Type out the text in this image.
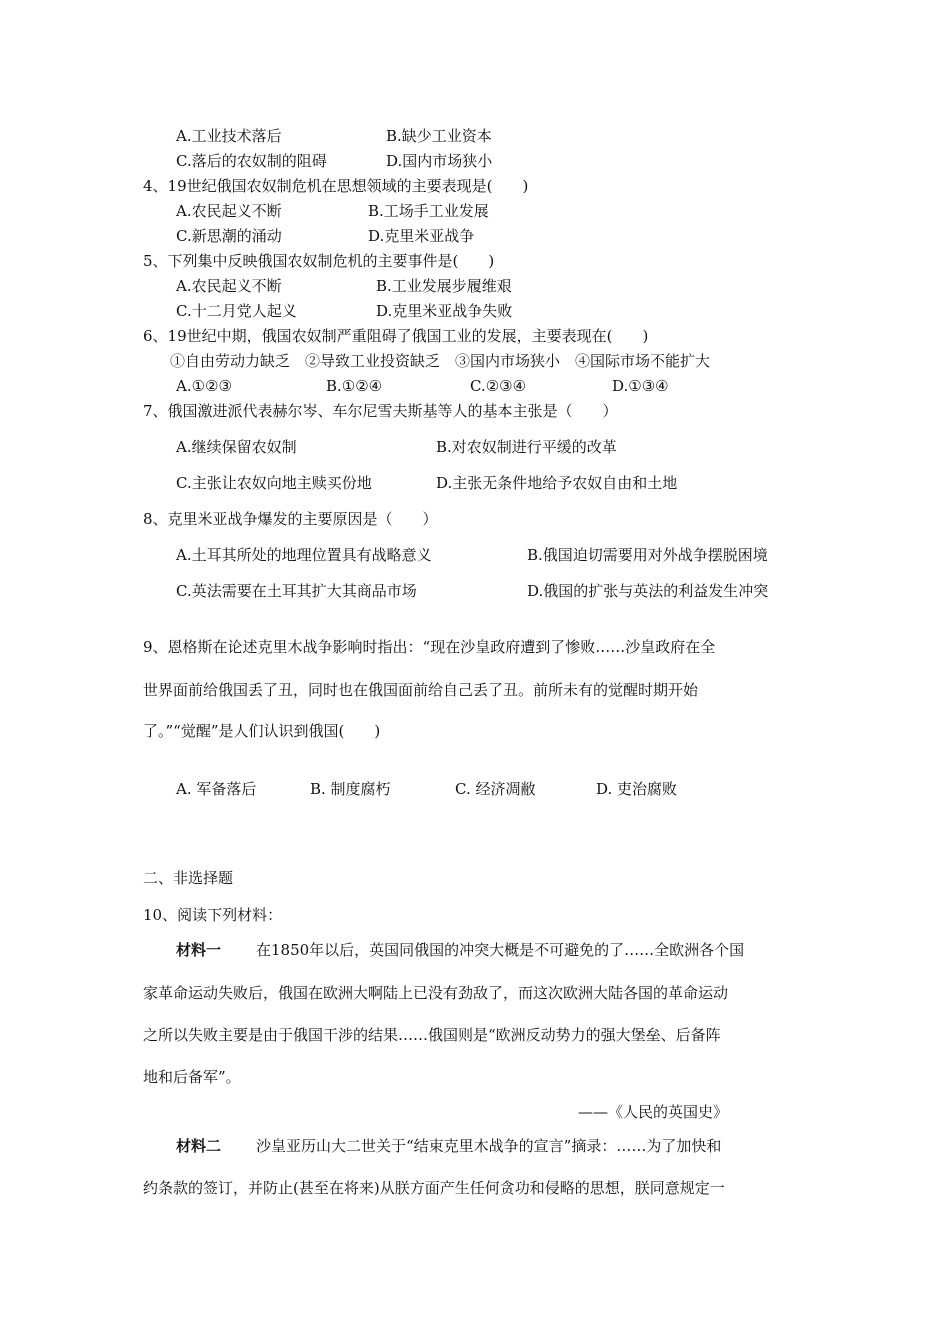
A.工业技术落后	B.缺少工业资本
C.落后的农奴制的阻碍	D.国内市场狭小
4、19世纪俄国农奴制危机在思想领域的主要表现是(　　)
A.农民起义不断	B.工场手工业发展
C.新思潮的涌动	D.克里米亚战争
5、下列集中反映俄国农奴制危机的主要事件是(　　)
A.农民起义不断	B.工业发展步履维艰
C.十二月党人起义	D.克里米亚战争失败
6、19世纪中期，俄国农奴制严重阻碍了俄国工业的发展，主要表现在(　　)
①自由劳动力缺乏　②导致工业投资缺乏　③国内市场狭小　④国际市场不能扩大
A.①②③	B.①②④	C.②③④	D.①③④
7、俄国激进派代表赫尔岑、车尔尼雪夫斯基等人的基本主张是（　　）
A.继续保留农奴制	B.对农奴制进行平缓的改革
C.主张让农奴向地主赎买份地	D.主张无条件地给予农奴自由和土地
8、克里米亚战争爆发的主要原因是（　　）
A.土耳其所处的地理位置具有战略意义	B.俄国迫切需要用对外战争摆脱困境
C.英法需要在土耳其扩大其商品市场	D.俄国的扩张与英法的利益发生冲突
9、恩格斯在论述克里木战争影响时指出：“现在沙皇政府遭到了惨败……沙皇政府在全
世界面前给俄国丢了丑，同时也在俄国面前给自己丢了丑。前所未有的觉醒时期开始
了。”“觉醒”是人们认识到俄国(　　)
A. 军备落后	B. 制度腐朽	C. 经济凋敝	D. 吏治腐败
二、非选择题
10、阅读下列材料：
材料一 在1850年以后，英国同俄国的冲突大概是不可避免的了……全欧洲各个国
家革命运动失败后，俄国在欧洲大啊陆上已没有劲敌了，而这次欧洲大陆各国的革命运动
之所以失败主要是由于俄国干涉的结果……俄国则是“欧洲反动势力的强大堡垒、后备阵
地和后备军”。
——《人民的英国史》
材料二 沙皇亚历山大二世关于“结束克里木战争的宣言”摘录：……为了加快和
约条款的签订，并防止(甚至在将来)从朕方面产生任何贪功和侵略的思想，朕同意规定一
